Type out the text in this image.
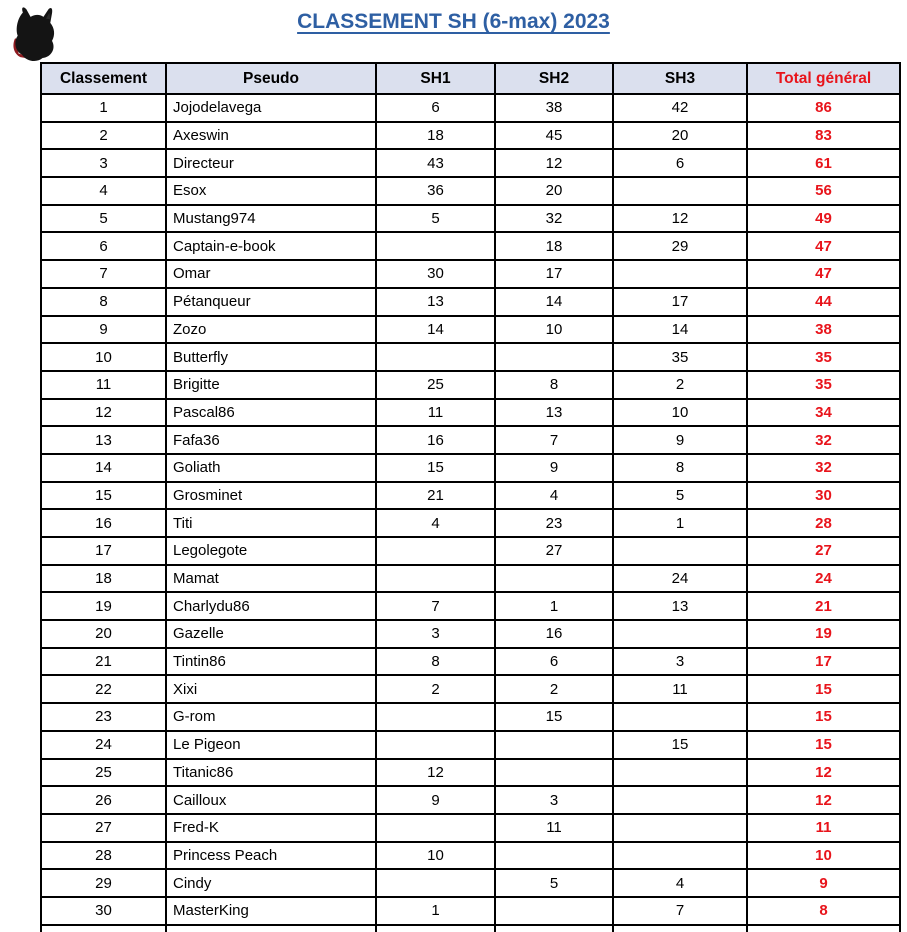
CLASSEMENT SH (6-max) 2023
Classement	Pseudo	SH1	SH2	SH3	Total général
1	Jojodelavega	6	38	42	86
2	Axeswin	18	45	20	83
3	Directeur	43	12	6	61
4	Esox	36	20		56
5	Mustang974	5	32	12	49
6	Captain-e-book		18	29	47
7	Omar	30	17		47
8	Pétanqueur	13	14	17	44
9	Zozo	14	10	14	38
10	Butterfly			35	35
11	Brigitte	25	8	2	35
12	Pascal86	11	13	10	34
13	Fafa36	16	7	9	32
14	Goliath	15	9	8	32
15	Grosminet	21	4	5	30
16	Titi	4	23	1	28
17	Legolegote		27		27
18	Mamat			24	24
19	Charlydu86	7	1	13	21
20	Gazelle	3	16		19
21	Tintin86	8	6	3	17
22	Xixi	2	2	11	15
23	G-rom		15		15
24	Le Pigeon			15	15
25	Titanic86	12			12
26	Cailloux	9	3		12
27	Fred-K		11		11
28	Princess Peach	10			10
29	Cindy		5	4	9
30	MasterKing	1		7	8
